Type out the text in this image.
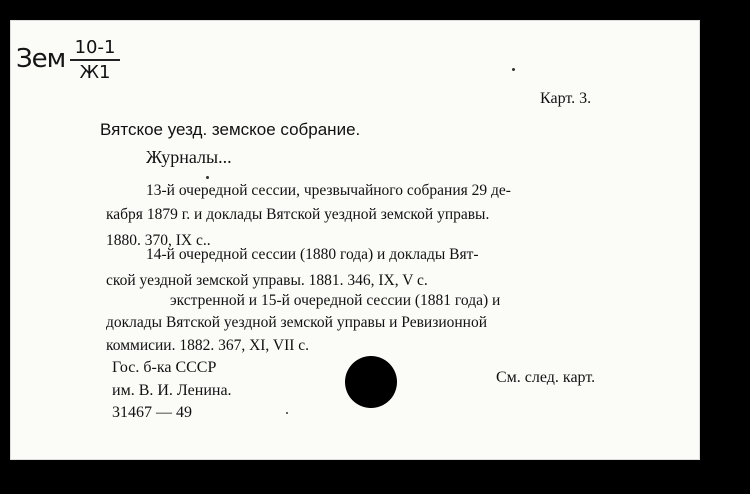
Зем 10-1
Ж1
Карт. 3.
Вятское уезд. земское собрание.
Журналы...
13-й очередной сессии, чрезвычайного собрания 29 де-
кабря 1879 г. и доклады Вятской уездной земской управы.
1880. 370, IX с..
14-й очередной сессии (1880 года) и доклады Вят-
ской уездной земской управы. 1881. 346, IX, V с.
экстренной и 15-й очередной сессии (1881 года) и
доклады Вятской уездной земской управы и Ревизионной
коммисии. 1882. 367, XI, VII с.
Гос. б-ка СССР
им. В. И. Ленина.
31467 — 49
См. след. карт.
